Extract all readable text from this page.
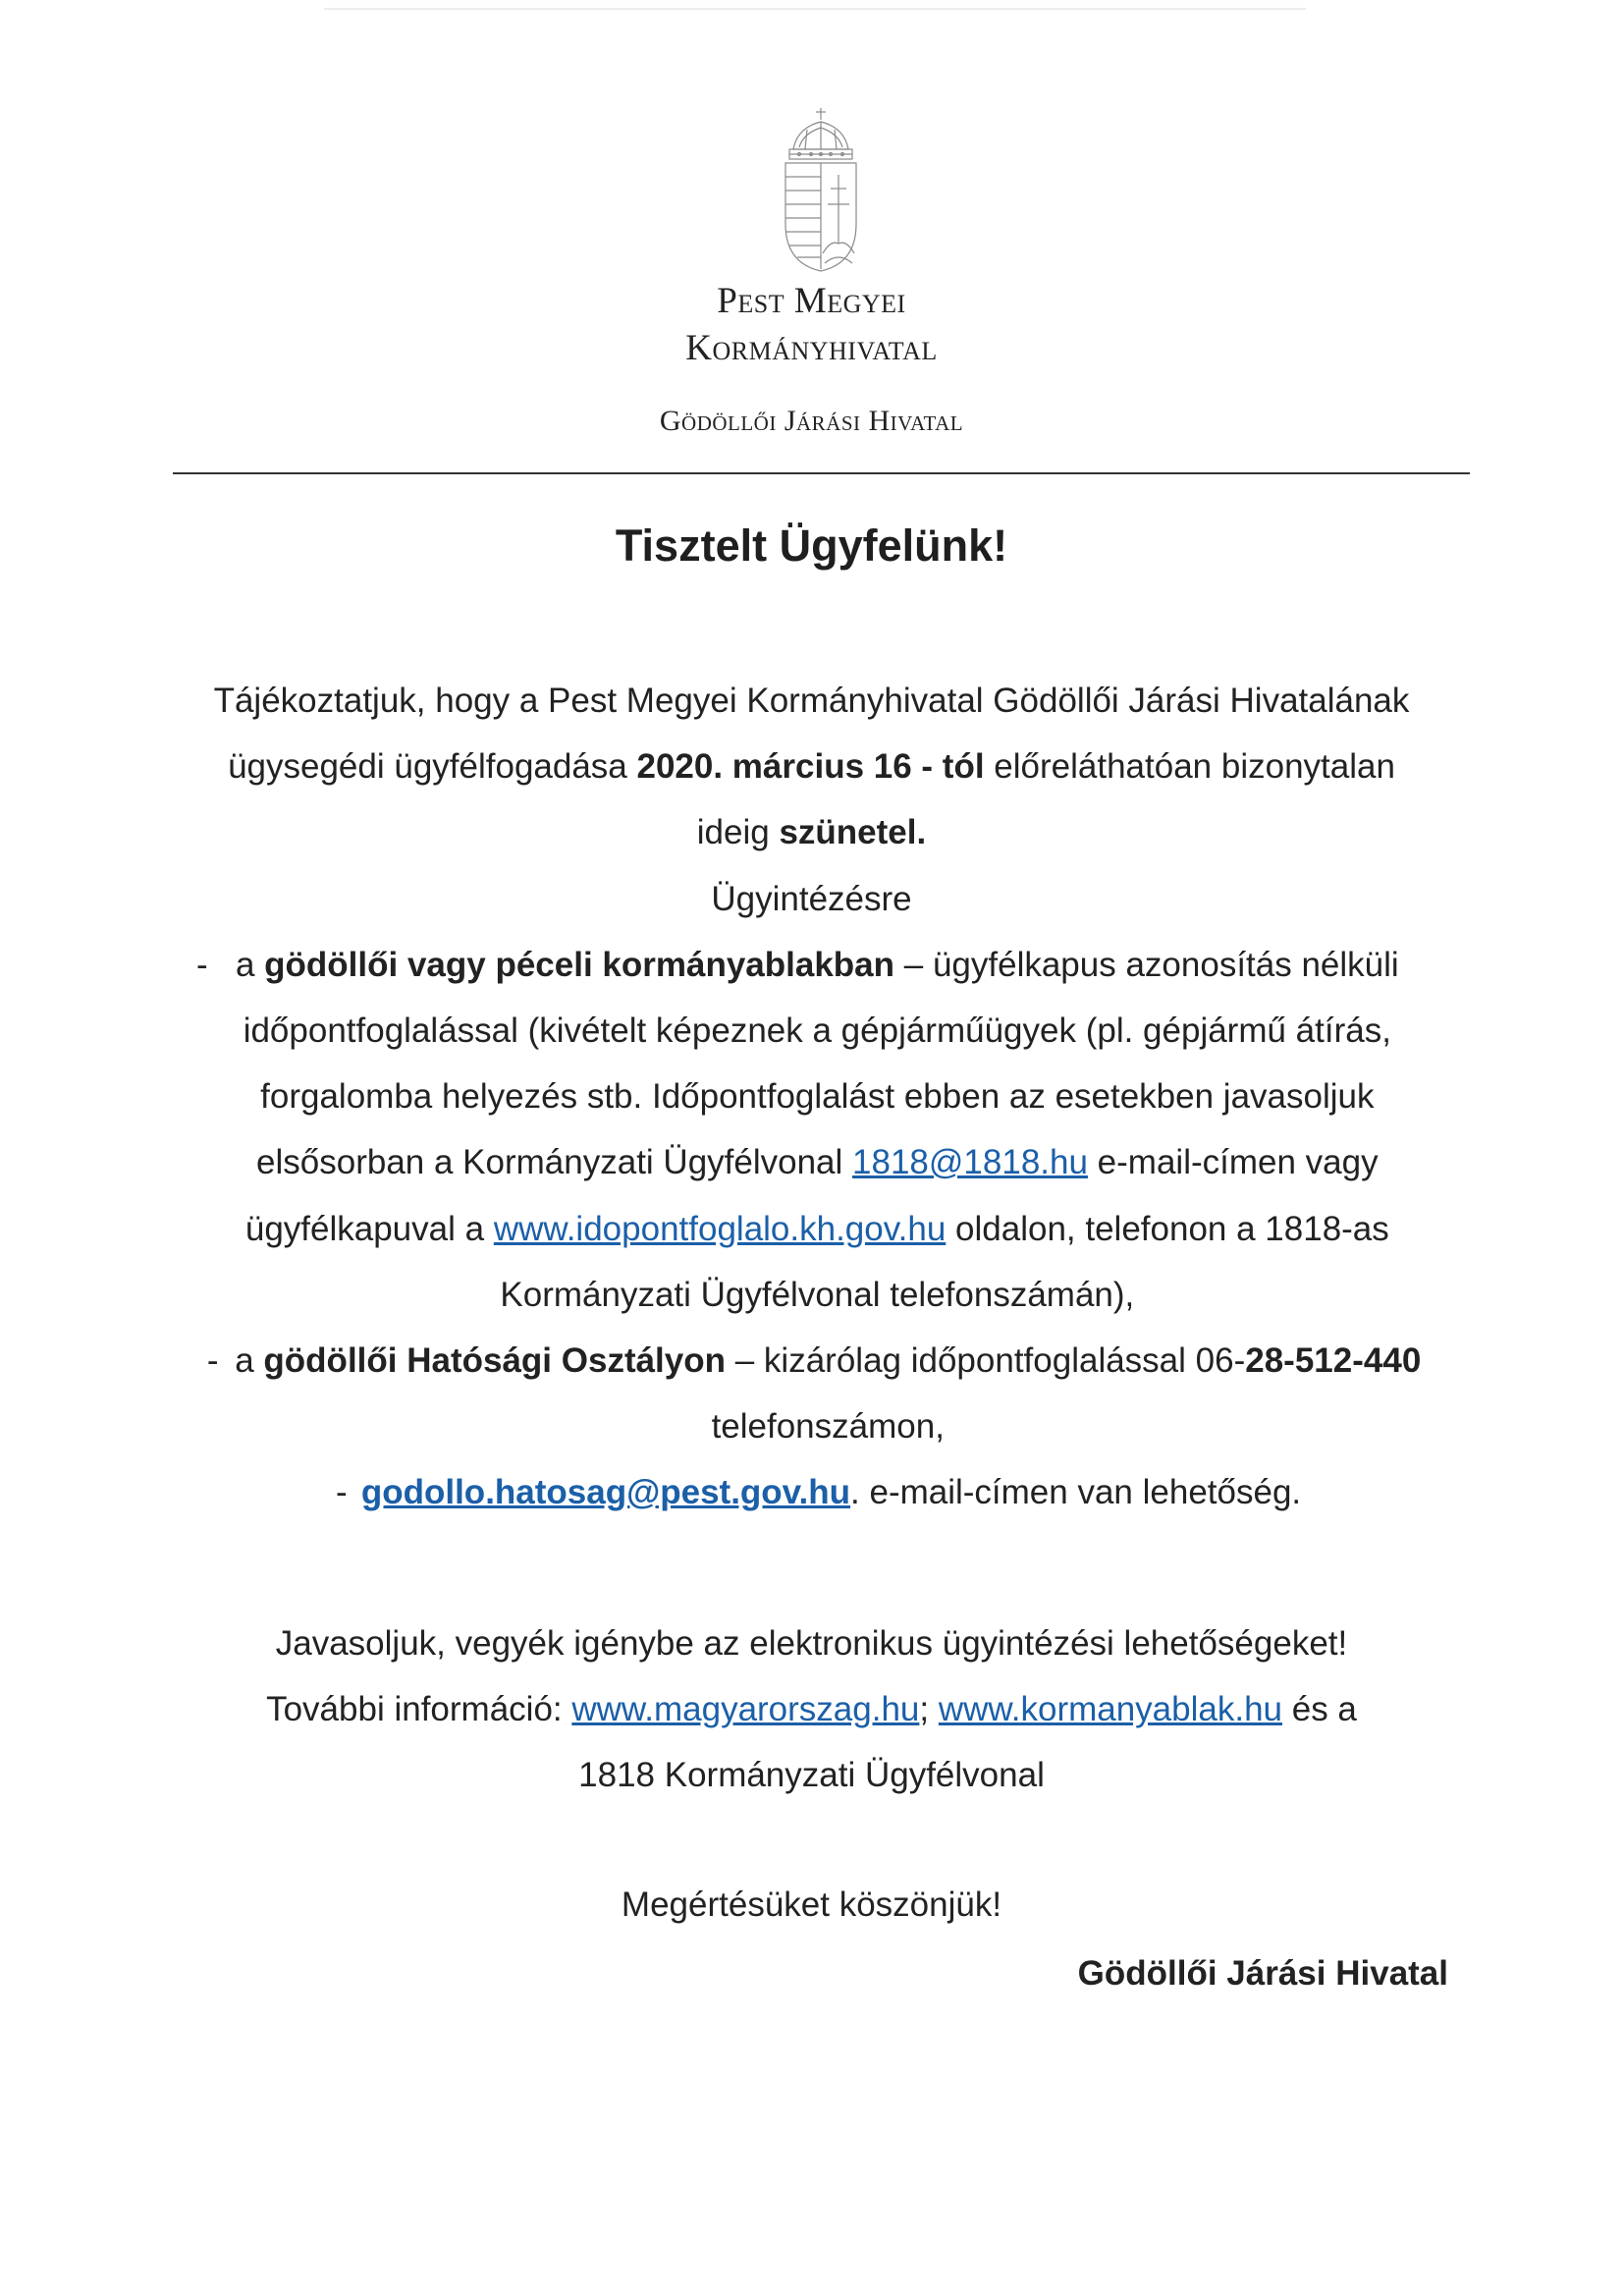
Pest Megyei
Kormányhivatal
Gödöllői Járási Hivatal
Tisztelt Ügyfelünk!

Tájékoztatjuk, hogy a Pest Megyei Kormányhivatal Gödöllői Járási Hivatalának ügysegédi ügyfélfogadása 2020. március 16 - tól előreláthatóan bizonytalan ideig szünetel.

Ügyintézésre

- a gödöllői vagy péceli kormányablakban – ügyfélkapus azonosítás nélküli időpontfoglalással (kivételt képeznek a gépjárműügyek (pl. gépjármű átírás, forgalomba helyezés stb. Időpontfoglalást ebben az esetekben javasoljuk elsősorban a Kormányzati Ügyfélvonal 1818@1818.hu e-mail-címen vagy ügyfélkapuval a www.idopontfoglalo.kh.gov.hu oldalon, telefonon a 1818-as Kormányzati Ügyfélvonal telefonszámán),

- a gödöllői Hatósági Osztályon – kizárólag időpontfoglalással 06-28-512-440 telefonszámon,

- godollo.hatosag@pest.gov.hu. e-mail-címen van lehetőség.

Javasoljuk, vegyék igénybe az elektronikus ügyintézési lehetőségeket!

További információ: www.magyarorszag.hu; www.kormanyablak.hu és a

1818 Kormányzati Ügyfélvonal

Megértésüket köszönjük!
Gödöllői Járási Hivatal
